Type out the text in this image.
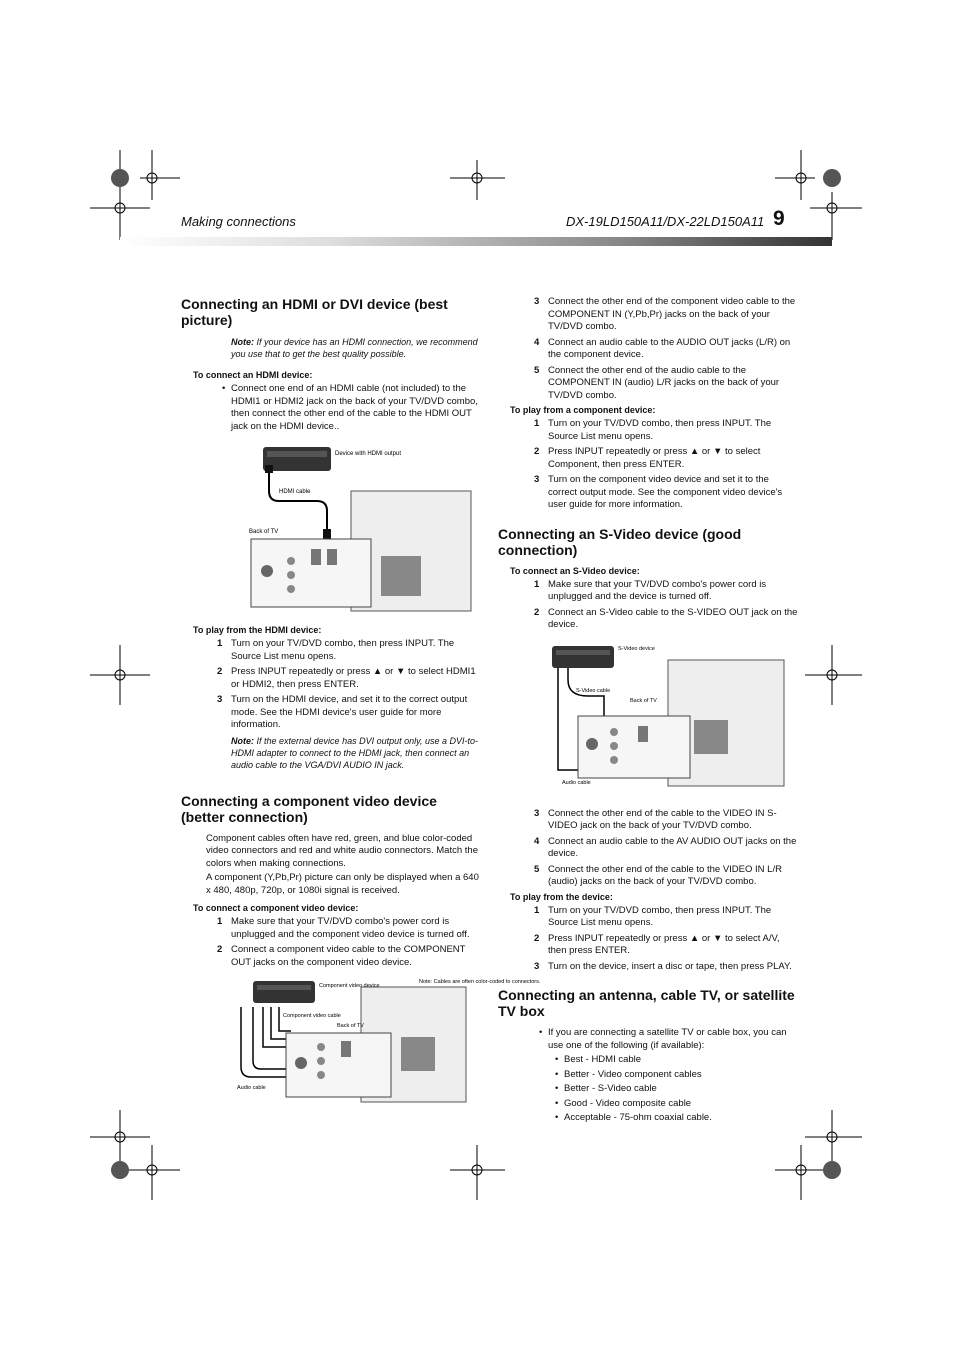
Making connections	DX-19LD150A11/DX-22LD150A11 9
Connecting an HDMI or DVI device (best picture)

Note: If your device has an HDMI connection, we recommend you use that to get the best quality possible.

To connect an HDMI device:
• Connect one end of an HDMI cable (not included) to the HDMI1 or HDMI2 jack on the back of your TV/DVD combo, then connect the other end of the cable to the HDMI OUT jack on the HDMI device..
Device with HDMI output
HDMI cable
Back of TV
To play from the HDMI device:
1 Turn on your TV/DVD combo, then press INPUT. The Source List menu opens.
2 Press INPUT repeatedly or press ▲ or ▼ to select HDMI1 or HDMI2, then press ENTER.
3 Turn on the HDMI device, and set it to the correct output mode. See the HDMI device's user guide for more information.

Note: If the external device has DVI output only, use a DVI-to-HDMI adapter to connect to the HDMI jack, then connect an audio cable to the VGA/DVI AUDIO IN jack.

Connecting a component video device (better connection)

Component cables often have red, green, and blue color-coded video connectors and red and white audio connectors. Match the colors when making connections.

A component (Y,Pb,Pr) picture can only be displayed when a 640 x 480, 480p, 720p, or 1080i signal is received.

To connect a component video device:
1 Make sure that your TV/DVD combo's power cord is unplugged and the component video device is turned off.
2 Connect a component video cable to the COMPONENT OUT jacks on the component video device.
Component video device
Note: Cables are often color-coded to connectors.
Component video cable
Back of TV
Audio cable
3 Connect the other end of the component video cable to the COMPONENT IN (Y,Pb,Pr) jacks on the back of your TV/DVD combo.
4 Connect an audio cable to the AUDIO OUT jacks (L/R) on the component device.
5 Connect the other end of the audio cable to the COMPONENT IN (audio) L/R jacks on the back of your TV/DVD combo.
To play from a component device:
1 Turn on your TV/DVD combo, then press INPUT. The Source List menu opens.
2 Press INPUT repeatedly or press ▲ or ▼ to select Component, then press ENTER.
3 Turn on the component video device and set it to the correct output mode. See the component video device's user guide for more information.
Connecting an S-Video device (good connection)
To connect an S-Video device:
1 Make sure that your TV/DVD combo's power cord is unplugged and the device is turned off.
2 Connect an S-Video cable to the S-VIDEO OUT jack on the device.
S-Video device
S-Video cable
Back of TV
Audio cable
3 Connect the other end of the cable to the VIDEO IN S-VIDEO jack on the back of your TV/DVD combo.
4 Connect an audio cable to the AV AUDIO OUT jacks on the device.
5 Connect the other end of the cable to the VIDEO IN L/R (audio) jacks on the back of your TV/DVD combo.
To play from the device:
1 Turn on your TV/DVD combo, then press INPUT. The Source List menu opens.
2 Press INPUT repeatedly or press ▲ or ▼ to select A/V, then press ENTER.
3 Turn on the device, insert a disc or tape, then press PLAY.
Connecting an antenna, cable TV, or satellite TV box
• If you are connecting a satellite TV or cable box, you can use one of the following (if available):
• Best - HDMI cable
• Better - Video component cables
• Better - S-Video cable
• Good - Video composite cable
• Acceptable - 75-ohm coaxial cable.
